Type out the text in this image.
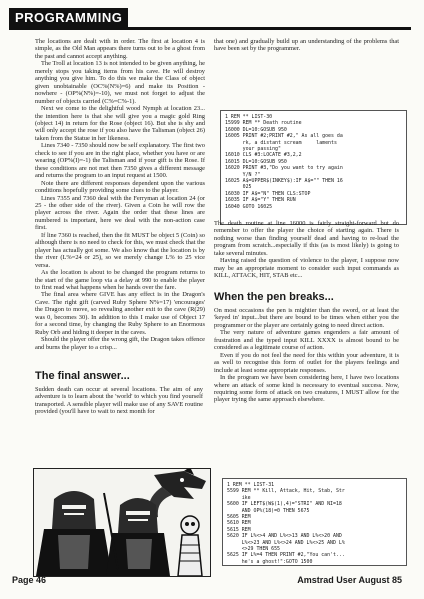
PROGRAMMING

The locations are dealt with in order. The first at location 4 is simple, as the Old Man appears there turns out to be a ghost from the past and cannot accept anything.

The Troll at location 13 is not intended to be given anything, he merely stops you taking items from his cave. He will destroy anything you give him. To do this we make the Class of object given unobtainable (OC%(N%)=6) and make its Position - nowhere - (OP%(N%)=-10), we must not forget to adjust the number of objects carried (C%=C%-1).

Next we come to the delightful wood Nymph at location 23... the intention here is that she will give you a magic gold Ring (object 14) in return for the Rose (object 16). But she is shy and will only accept the rose if you also have the Talisman (object 26) taken from the Statue in her likeness.

Lines 7340 - 7350 should now be self explanatory. The first two check to see if you are in the right place, whether you have or are wearing (OP%(I)=-1) the Talisman and if your gift is the Rose. If these conditions are not met then 7350 gives a different message and returns the program to an input request at 1500.

Note there are different responses dependent upon the various conditions hopefully providing some clues to the player.

Lines 7355 and 7360 deal with the Ferryman at location 24 (or 25 - the other side of the river). Given a Coin he will row the player across the river. Again the order that these lines are numbered is important, here we deal with the non-action case first.

If line 7360 is reached, then the fit MUST be object 5 (Coin) so although there is no need to check for this, we must check that the player has actually got some. We also know that the location is by the river (L%=24 or 25), so we merely change L% to 25 vice versa.

As the location is about to be changed the program returns to the start of the game loop via a delay at 990 to enable the player to first read what happens when he hands over the fare.

The final area where GIVE has any effect is in the Dragon's Cave. The right gift (carved Ruby Sphere N%=17) 'encourages' the Dragon to move, so revealing another exit to the cave (R(29) was 0, becomes 30). In addition to this I make use of Object 17 for a second time, by changing the Ruby Sphere to an Enormous Ruby Orb and hiding it deeper in the caves.

Should the player offer the wrong gift, the Dragon takes offence and burns the player to a crisp...

The final answer...

Sudden death can occur at several locations. The aim of any adventure is to learn about the 'world' to which you find yourself transported. A sensible player will make use of any SAVE routine provided (you'll have to wait to next month for

that one) and gradually build up an understanding of the problems that have been set by the programmer.

1 REM ** LIST-30
15999 REM ** Death routine
16000 DL=10:GOSUB 950
16005 PRINT #2;PRINT #2," As all goes da
rk, a distant scream     laments
your passing"
16010 CLS #3:LOCATE #3,2,2
16015 DL=10:GOSUB 950
16020 PRINT #3,"Do you want to try again
Y/N ?"
16025 A$=UPPER$(INKEY$):IF A$="" THEN 16
025
16030 IF A$="N" THEN CLS:STOP
16035 IF A$="Y" THEN RUN
16040 GOTO 16025

The death routine at line 16000 is fairly straight-forward but do remember to offer the player the choice of starting again. There is nothing worse than finding yourself dead and having to re-load the program from scratch...especially if this (as is most likely) is going to take several minutes.

Having raised the question of violence to the player, I suppose now may be an appropriate moment to consider such input commands as KILL, ATTACK, HIT, STAB etc...

When the pen breaks...

On most occasions the pen is mightier than the sword, or at least the 'keyed in' input...but there are bound to be times when either you the programmer or the player are certainly going to need direct action.

The very nature of adventure games engenders a fair amount of frustration and the typed input KILL XXXX is almost bound to be considered as a legitimate course of action.

Even if you do not feel the need for this within your adventure, it is as well to recognise this form of outlet for the players feelings and include at least some appropriate responses.

In the program we have been considering here, I have two locations where an attack of some kind is necessary to eventual success. Now, requiring some form of attack on two creatures, I MUST allow for the player trying the same approach elsewhere.

1 REM ** LIST-31
5599 REM ** Kill, Attack, Hit, Stab, Str
ike
5600 IF LEFT$(W$(1),4)="STRI" AND NI=18
AND OP%(18)=0 THEN 5675
5605 REM
5610 REM
5615 REM
5620 IF L%<>4 AND L%<>13 AND L%<>20 AND
L%<>23 AND L%<>24 AND L%<>25 AND L%
<>29 THEN 655
5625 IF L%=4 THEN PRINT #2,"You can't...
he's a ghost!":GOTO 1500
Page 46	Amstrad User August 85
